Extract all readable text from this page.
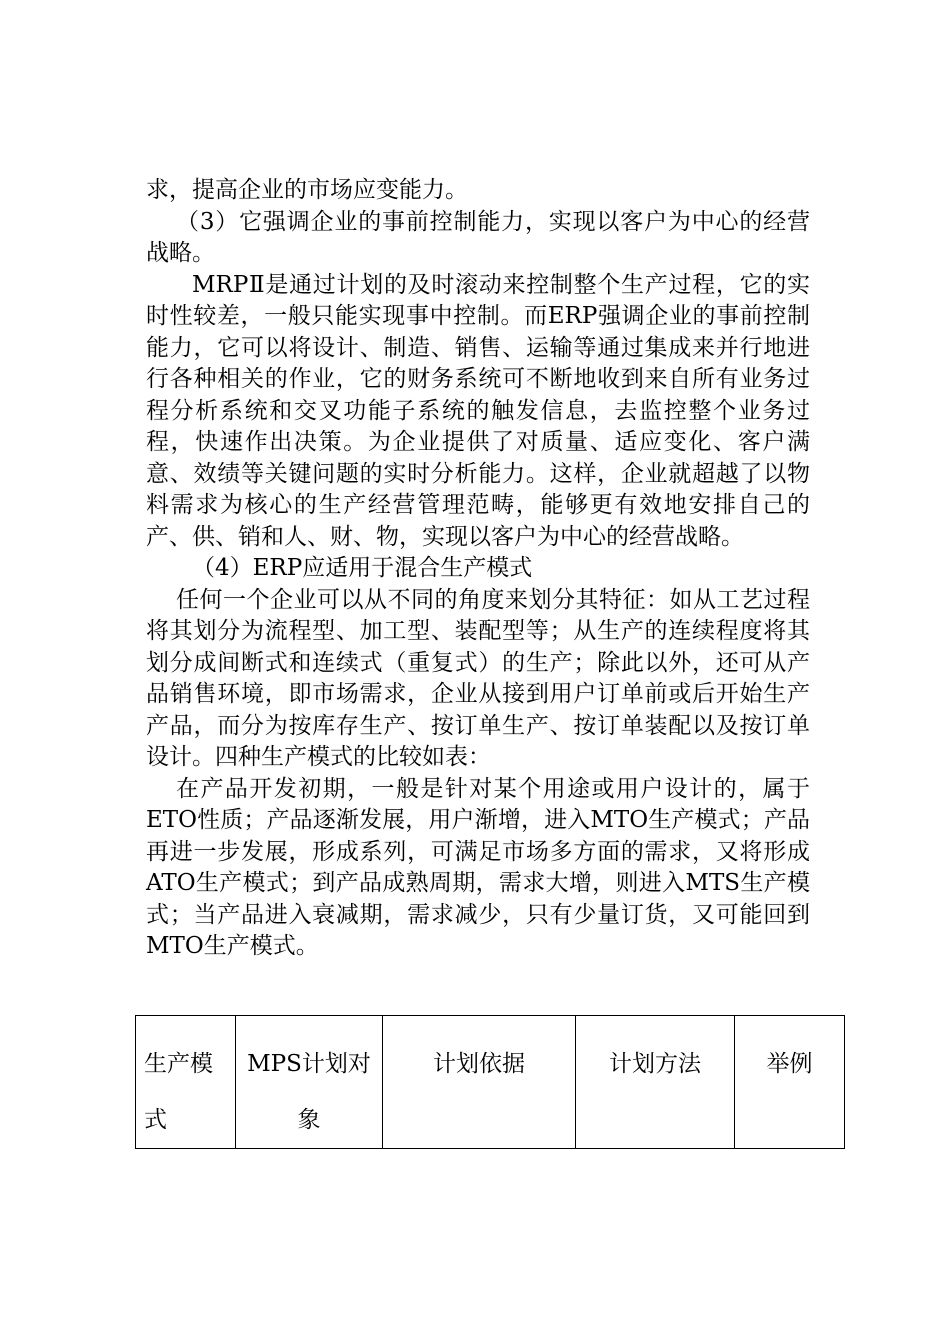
求，提高企业的市场应变能力。

（3）它强调企业的事前控制能力，实现以客户为中心的经营战略。

MRPⅡ是通过计划的及时滚动来控制整个生产过程，它的实时性较差，一般只能实现事中控制。而ERP强调企业的事前控制能力，它可以将设计、制造、销售、运输等通过集成来并行地进行各种相关的作业，它的财务系统可不断地收到来自所有业务过程分析系统和交叉功能子系统的触发信息，去监控整个业务过程，快速作出决策。为企业提供了对质量、适应变化、客户满意、效绩等关键问题的实时分析能力。这样，企业就超越了以物料需求为核心的生产经营管理范畴，能够更有效地安排自己的产、供、销和人、财、物，实现以客户为中心的经营战略。

（4）ERP应适用于混合生产模式

任何一个企业可以从不同的角度来划分其特征：如从工艺过程将其划分为流程型、加工型、装配型等；从生产的连续程度将其划分成间断式和连续式（重复式）的生产；除此以外，还可从产品销售环境，即市场需求，企业从接到用户订单前或后开始生产产品，而分为按库存生产、按订单生产、按订单装配以及按订单设计。四种生产模式的比较如表：

在产品开发初期，一般是针对某个用途或用户设计的，属于ETO性质；产品逐渐发展，用户渐增，进入MTO生产模式；产品再进一步发展，形成系列，可满足市场多方面的需求，又将形成ATO生产模式；到产品成熟周期，需求大增，则进入MTS生产模式；当产品进入衰减期，需求减少，只有少量订货，又可能回到MTO生产模式。

生产模式	MPS计划对象	计划依据	计划方法	举例
